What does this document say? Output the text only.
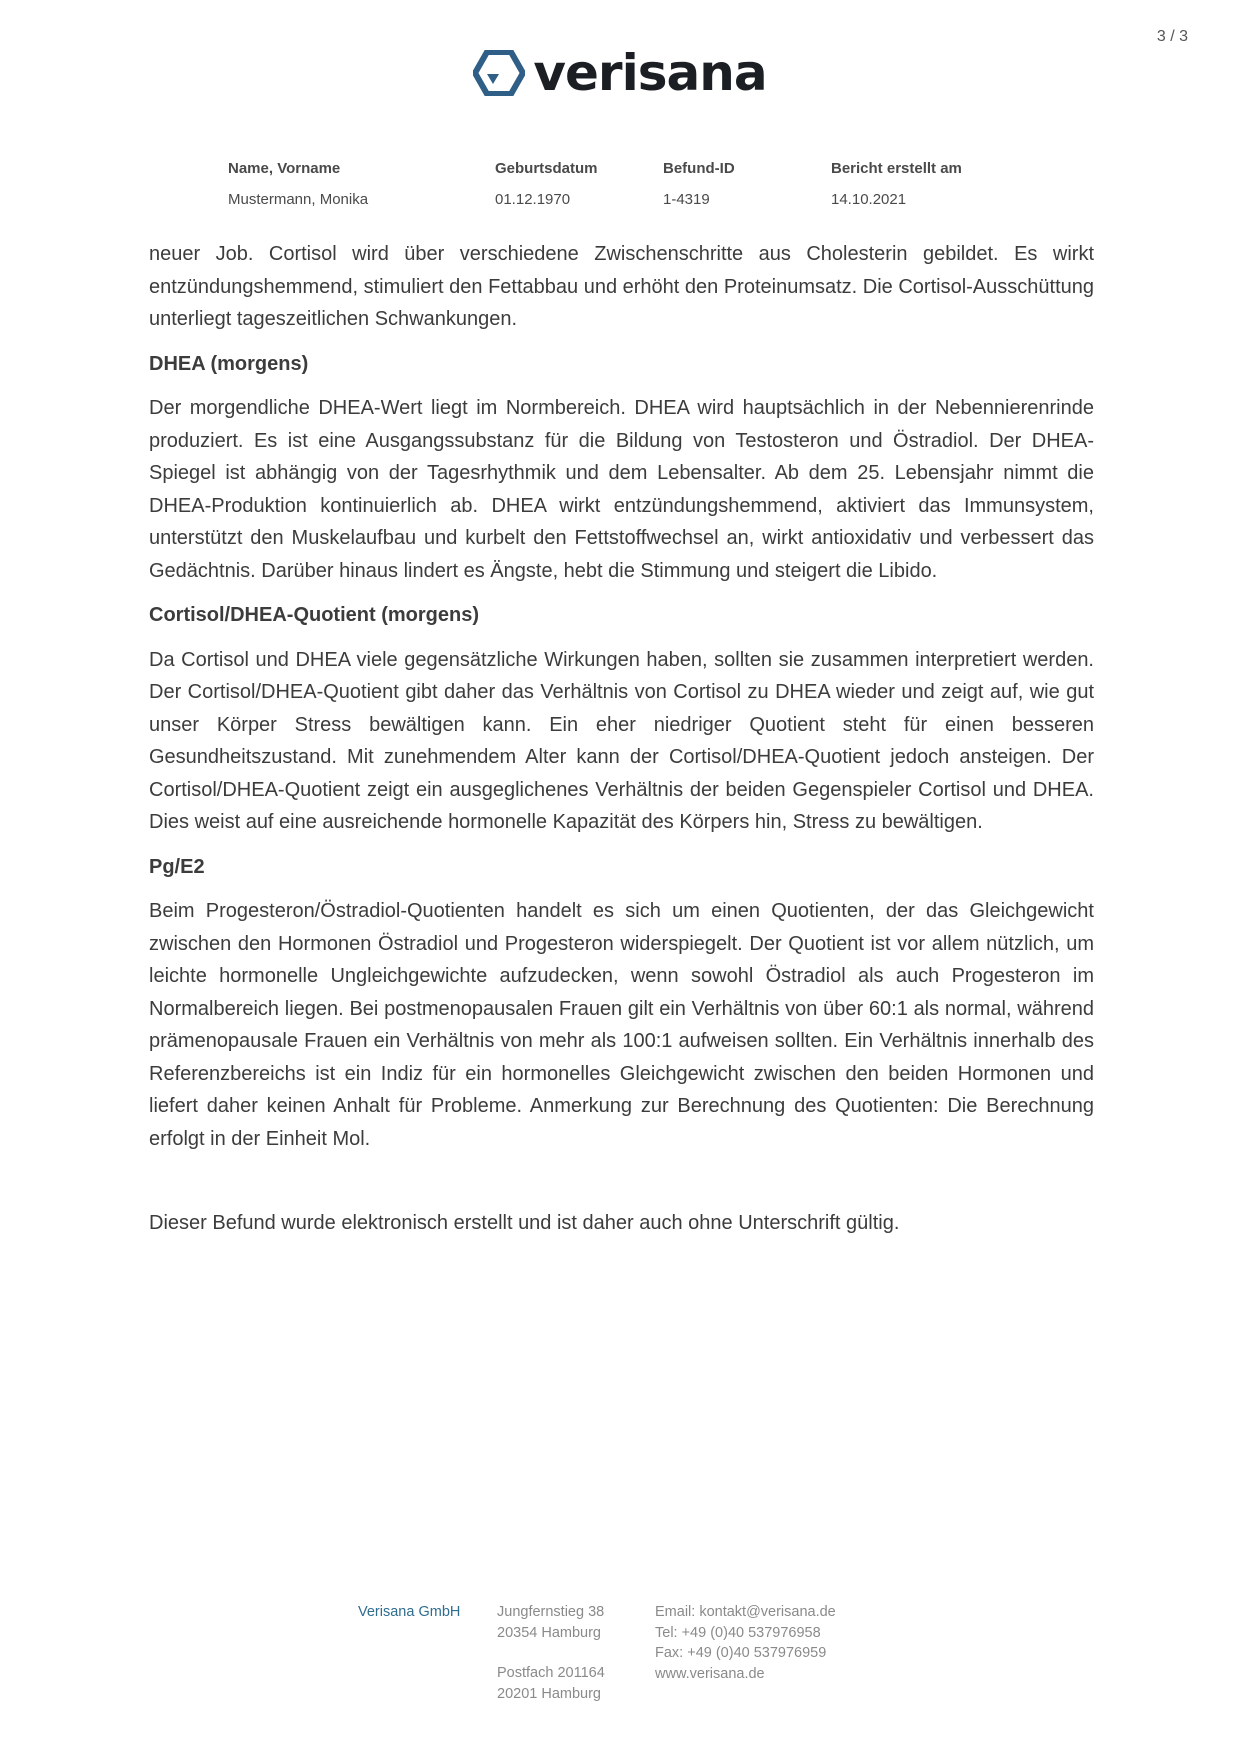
3 / 3
verisana
Name, Vorname	Geburtsdatum	Befund-ID	Bericht erstellt am
Mustermann, Monika	01.12.1970	1-4319	14.10.2021

neuer Job. Cortisol wird über verschiedene Zwischenschritte aus Cholesterin gebildet. Es wirkt entzündungshemmend, stimuliert den Fettabbau und erhöht den Proteinumsatz. Die Cortisol-Ausschüttung unterliegt tageszeitlichen Schwankungen.

DHEA (morgens)

Der morgendliche DHEA-Wert liegt im Normbereich. DHEA wird hauptsächlich in der Nebennierenrinde produziert. Es ist eine Ausgangssubstanz für die Bildung von Testosteron und Östradiol. Der DHEA-Spiegel ist abhängig von der Tagesrhythmik und dem Lebensalter. Ab dem 25. Lebensjahr nimmt die DHEA-Produktion kontinuierlich ab. DHEA wirkt entzündungshemmend, aktiviert das Immunsystem, unterstützt den Muskelaufbau und kurbelt den Fettstoffwechsel an, wirkt antioxidativ und verbessert das Gedächtnis. Darüber hinaus lindert es Ängste, hebt die Stimmung und steigert die Libido.

Cortisol/DHEA-Quotient (morgens)

Da Cortisol und DHEA viele gegensätzliche Wirkungen haben, sollten sie zusammen interpretiert werden. Der Cortisol/DHEA-Quotient gibt daher das Verhältnis von Cortisol zu DHEA wieder und zeigt auf, wie gut unser Körper Stress bewältigen kann. Ein eher niedriger Quotient steht für einen besseren Gesundheitszustand. Mit zunehmendem Alter kann der Cortisol/DHEA-Quotient jedoch ansteigen. Der Cortisol/DHEA-Quotient zeigt ein ausgeglichenes Verhältnis der beiden Gegenspieler Cortisol und DHEA. Dies weist auf eine ausreichende hormonelle Kapazität des Körpers hin, Stress zu bewältigen.

Pg/E2

Beim Progesteron/Östradiol-Quotienten handelt es sich um einen Quotienten, der das Gleichgewicht zwischen den Hormonen Östradiol und Progesteron widerspiegelt. Der Quotient ist vor allem nützlich, um leichte hormonelle Ungleichgewichte aufzudecken, wenn sowohl Östradiol als auch Progesteron im Normalbereich liegen. Bei postmenopausalen Frauen gilt ein Verhältnis von über 60:1 als normal, während prämenopausale Frauen ein Verhältnis von mehr als 100:1 aufweisen sollten. Ein Verhältnis innerhalb des Referenzbereichs ist ein Indiz für ein hormonelles Gleichgewicht zwischen den beiden Hormonen und liefert daher keinen Anhalt für Probleme. Anmerkung zur Berechnung des Quotienten: Die Berechnung erfolgt in der Einheit Mol.

Dieser Befund wurde elektronisch erstellt und ist daher auch ohne Unterschrift gültig.

Verisana GmbH	Jungfernstieg 38
20354 Hamburg
Postfach 201164
20201 Hamburg
Email: kontakt@verisana.de
Tel: +49 (0)40 537976958
Fax: +49 (0)40 537976959
www.verisana.de
